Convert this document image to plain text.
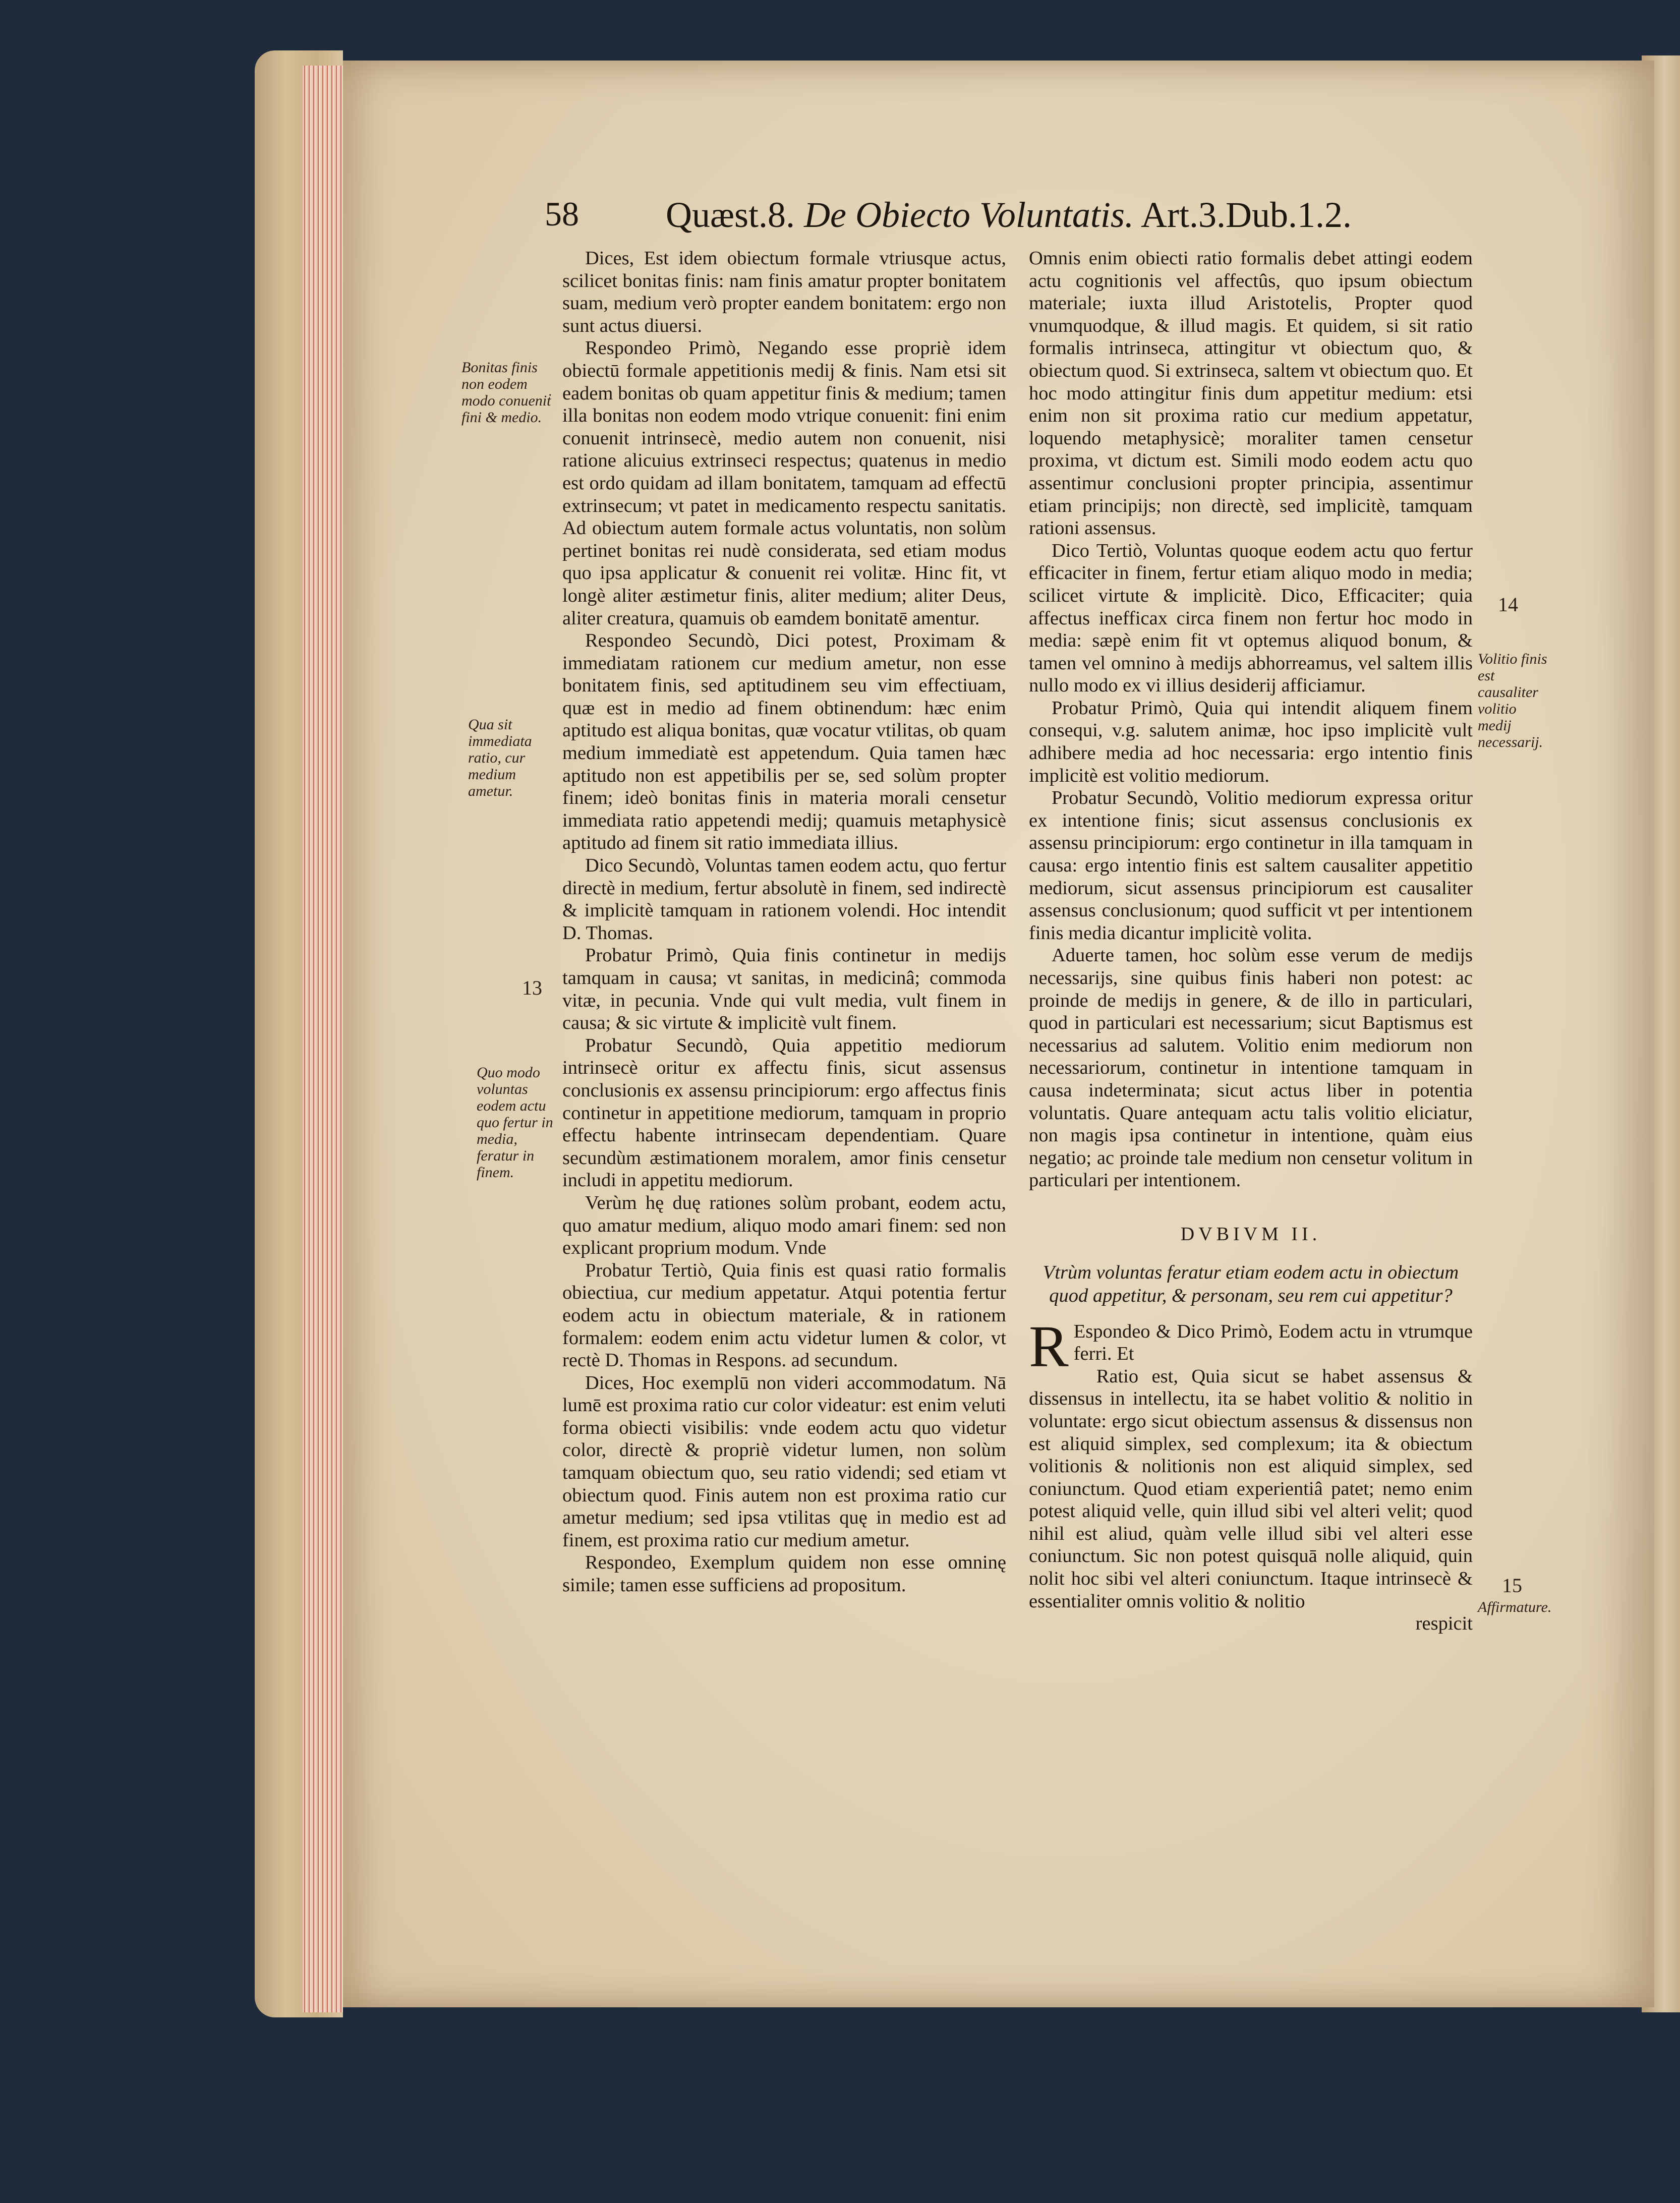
58 Quæst.8. De Obiecto Voluntatis. Art.3.Dub.1.2.
Bonitas finis non eodem modo conueniṫ fini & medio.
Qua sit immediata ratio, cur medium ametur.
13
Quo modo voluntas eodem actu quo fertur in media, feratur in finem.
14
Volitio finis est causaliter volitio medij necessarij.
15
Affirmature.

Dices, Est idem obiectum formale vtriusque actus, scilicet bonitas finis: nam finis amatur propter bonitatem suam, medium verò propter eandem bonitatem: ergo non sunt actus diuersi.

Respondeo Primò, Negando esse propriè idem obiectū formale appetitionis medij & finis. Nam etsi sit eadem bonitas ob quam appetitur finis & medium; tamen illa bonitas non eodem modo vtrique conuenit: fini enim conuenit intrinsecè, medio autem non conuenit, nisi ratione alicuius extrinseci respectus; quatenus in medio est ordo quidam ad illam bonitatem, tamquam ad effectū extrinsecum; vt patet in medicamento respectu sanitatis. Ad obiectum autem formale actus voluntatis, non solùm pertinet bonitas rei nudè considerata, sed etiam modus quo ipsa applicatur & conuenit rei volitæ. Hinc fit, vt longè aliter æstimetur finis, aliter medium; aliter Deus, aliter creatura, quamuis ob eamdem bonitatē amentur.

Respondeo Secundò, Dici potest, Proximam & immediatam rationem cur medium ametur, non esse bonitatem finis, sed aptitudinem seu vim effectiuam, quæ est in medio ad finem obtinendum: hæc enim aptitudo est aliqua bonitas, quæ vocatur vtilitas, ob quam medium immediatè est appetendum. Quia tamen hæc aptitudo non est appetibilis per se, sed solùm propter finem; ideò bonitas finis in materia morali censetur immediata ratio appetendi medij; quamuis metaphysicè aptitudo ad finem sit ratio immediata illius.

Dico Secundò, Voluntas tamen eodem actu, quo fertur directè in medium, fertur absolutè in finem, sed indirectè & implicitè tamquam in rationem volendi. Hoc intendit D. Thomas.

Probatur Primò, Quia finis continetur in medijs tamquam in causa; vt sanitas, in medicinâ; commoda vitæ, in pecunia. Vnde qui vult media, vult finem in causa; & sic virtute & implicitè vult finem.

Probatur Secundò, Quia appetitio mediorum intrinsecè oritur ex affectu finis, sicut assensus conclusionis ex assensu principiorum: ergo affectus finis continetur in appetitione mediorum, tamquam in proprio effectu habente intrinsecam dependentiam. Quare secundùm æstimationem moralem, amor finis censetur includi in appetitu mediorum.

Verùm hę duę rationes solùm probant, eodem actu, quo amatur medium, aliquo modo amari finem: sed non explicant proprium modum. Vnde

Probatur Tertiò, Quia finis est quasi ratio formalis obiectiua, cur medium appetatur. Atqui potentia fertur eodem actu in obiectum materiale, & in rationem formalem: eodem enim actu videtur lumen & color, vt rectè D. Thomas in Respons. ad secundum.

Dices, Hoc exemplū non videri accommodatum. Nā lumē est proxima ratio cur color videatur: est enim veluti forma obiecti visibilis: vnde eodem actu quo videtur color, directè & propriè videtur lumen, non solùm tamquam obiectum quo, seu ratio videndi; sed etiam vt obiectum quod. Finis autem non est proxima ratio cur ametur medium; sed ipsa vtilitas quę in medio est ad finem, est proxima ratio cur medium ametur.

Respondeo, Exemplum quidem non esse omninę simile; tamen esse sufficiens ad propositum.

Omnis enim obiecti ratio formalis debet attingi eodem actu cognitionis vel affectûs, quo ipsum obiectum materiale; iuxta illud Aristotelis, Propter quod vnumquodque, & illud magis. Et quidem, si sit ratio formalis intrinseca, attingitur vt obiectum quo, & obiectum quod. Si extrinseca, saltem vt obiectum quo. Et hoc modo attingitur finis dum appetitur medium: etsi enim non sit proxima ratio cur medium appetatur, loquendo metaphysicè; moraliter tamen censetur proxima, vt dictum est. Simili modo eodem actu quo assentimur conclusioni propter principia, assentimur etiam principijs; non directè, sed implicitè, tamquam rationi assensus.

Dico Tertiò, Voluntas quoque eodem actu quo fertur efficaciter in finem, fertur etiam aliquo modo in media; scilicet virtute & implicitè. Dico, Efficaciter; quia affectus inefficax circa finem non fertur hoc modo in media: sæpè enim fit vt optemus aliquod bonum, & tamen vel omnino à medijs abhorreamus, vel saltem illis nullo modo ex vi illius desiderij afficiamur.

Probatur Primò, Quia qui intendit aliquem finem consequi, v.g. salutem animæ, hoc ipso implicitè vult adhibere media ad hoc necessaria: ergo intentio finis implicitè est volitio mediorum.

Probatur Secundò, Volitio mediorum expressa oritur ex intentione finis; sicut assensus conclusionis ex assensu principiorum: ergo continetur in illa tamquam in causa: ergo intentio finis est saltem causaliter appetitio mediorum, sicut assensus principiorum est causaliter assensus conclusionum; quod sufficit vt per intentionem finis media dicantur implicitè volita.

Aduerte tamen, hoc solùm esse verum de medijs necessarijs, sine quibus finis haberi non potest: ac proinde de medijs in genere, & de illo in particulari, quod in particulari est necessarium; sicut Baptismus est necessarius ad salutem. Volitio enim mediorum non necessariorum, continetur in intentione tamquam in causa indeterminata; sicut actus liber in potentia voluntatis. Quare antequam actu talis volitio eliciatur, non magis ipsa continetur in intentione, quàm eius negatio; ac proinde tale medium non censetur volitum in particulari per intentionem.

DVBIVM II.
Vtrùm voluntas feratur etiam eodem actu in obiectum quod appetitur, & personam, seu rem cui appetitur?

R Espondeo & Dico Primò, Eodem actu in vtrumque ferri. Et

Ratio est, Quia sicut se habet assensus & dissensus in intellectu, ita se habet volitio & nolitio in voluntate: ergo sicut obiectum assensus & dissensus non est aliquid simplex, sed complexum; ita & obiectum volitionis & nolitionis non est aliquid simplex, sed coniunctum. Quod etiam experientiâ patet; nemo enim potest aliquid velle, quin illud sibi vel alteri velit; quod nihil est aliud, quàm velle illud sibi vel alteri esse coniunctum. Sic non potest quisquā nolle aliquid, quin nolit hoc sibi vel alteri coniunctum. Itaque intrinsecè & essentialiter omnis volitio & nolitio

respicit
